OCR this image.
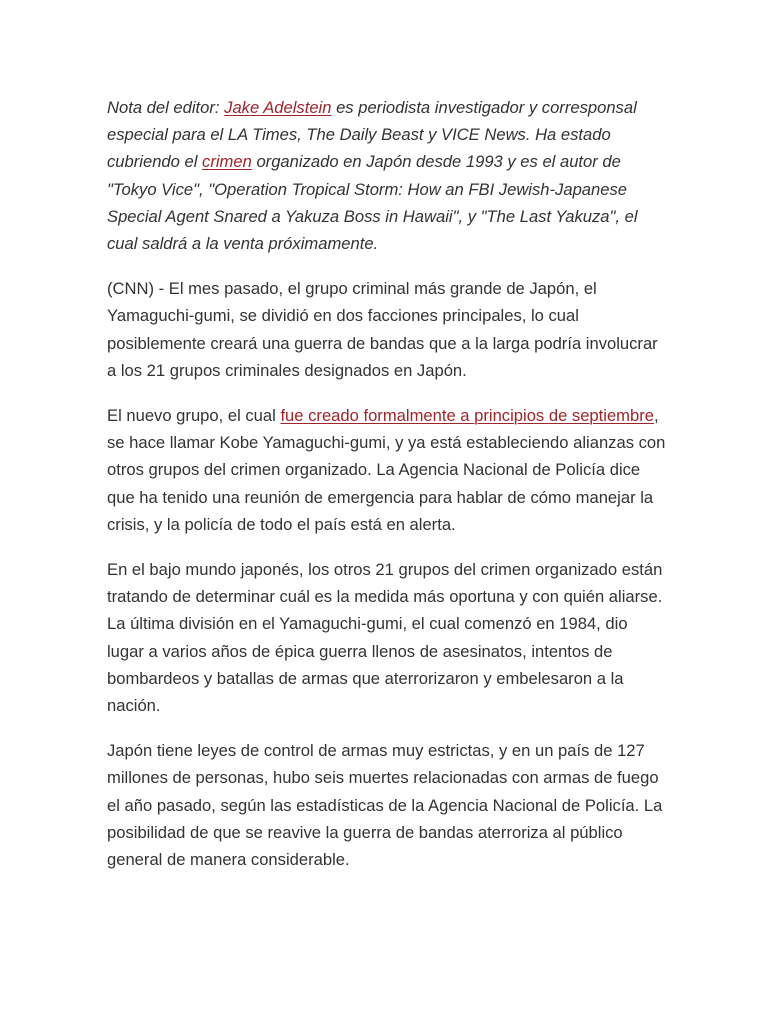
Nota del editor: Jake Adelstein es periodista investigador y corresponsal especial para el LA Times, The Daily Beast y VICE News. Ha estado cubriendo el crimen organizado en Japón desde 1993 y es el autor de "Tokyo Vice", "Operation Tropical Storm: How an FBI Jewish-Japanese Special Agent Snared a Yakuza Boss in Hawaii", y "The Last Yakuza", el cual saldrá a la venta próximamente.

(CNN) - El mes pasado, el grupo criminal más grande de Japón, el Yamaguchi-gumi, se dividió en dos facciones principales, lo cual posiblemente creará una guerra de bandas que a la larga podría involucrar a los 21 grupos criminales designados en Japón.

El nuevo grupo, el cual fue creado formalmente a principios de septiembre, se hace llamar Kobe Yamaguchi-gumi, y ya está estableciendo alianzas con otros grupos del crimen organizado. La Agencia Nacional de Policía dice que ha tenido una reunión de emergencia para hablar de cómo manejar la crisis, y la policía de todo el país está en alerta.

En el bajo mundo japonés, los otros 21 grupos del crimen organizado están tratando de determinar cuál es la medida más oportuna y con quién aliarse. La última división en el Yamaguchi-gumi, el cual comenzó en 1984, dio lugar a varios años de épica guerra llenos de asesinatos, intentos de bombardeos y batallas de armas que aterrorizaron y embelesaron a la nación.

Japón tiene leyes de control de armas muy estrictas, y en un país de 127 millones de personas, hubo seis muertes relacionadas con armas de fuego el año pasado, según las estadísticas de la Agencia Nacional de Policía. La posibilidad de que se reavive la guerra de bandas aterroriza al público general de manera considerable.
